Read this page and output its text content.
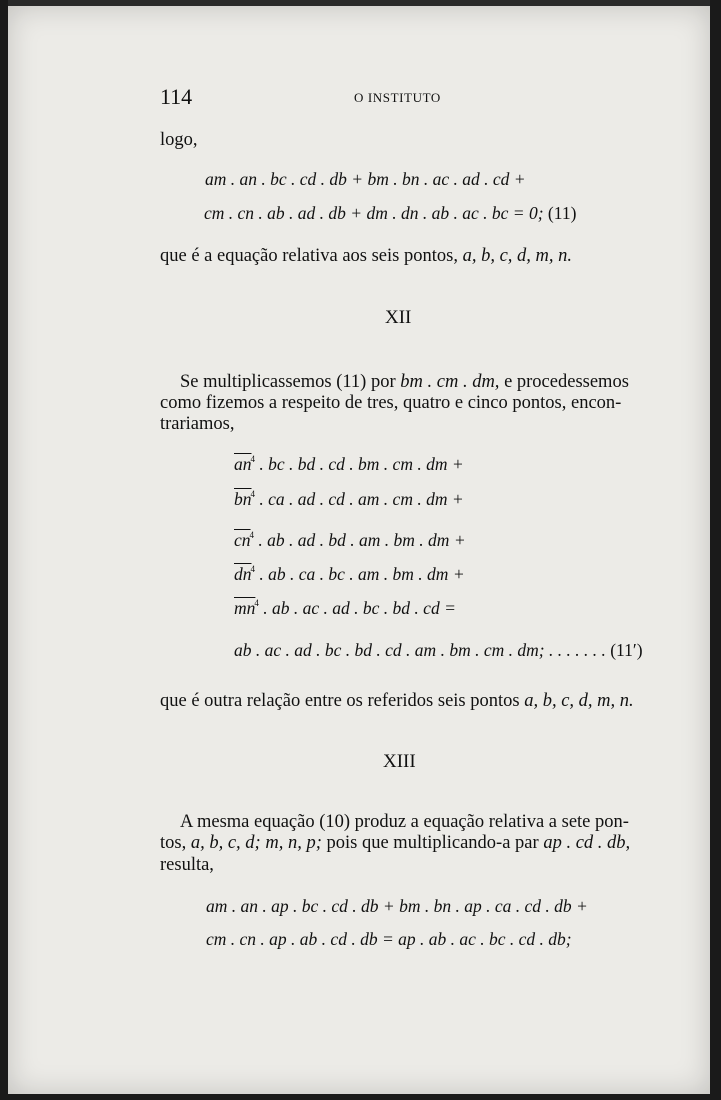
114	O INSTITUTO
logo,
am . an . bc . cd . db + bm . bn . ac . ad . cd +
cm . cn . ab . ad . db + dm . dn . ab . ac . bc = 0; (11)
que é a equação relativa aos seis pontos, a, b, c, d, m, n.
XII
Se multiplicassemos (11) por bm . cm . dm, e procedessemos
como fizemos a respeito de tres, quatro e cinco pontos, encon-
trariamos,
$\overline{an}^4$ . bc . bd . cd . bm . cm . dm +
$\overline{bn}^4$ . ca . ad . cd . am . cm . dm +
$\overline{cn}^4$ . ab . ad . bd . am . bm . dm +
$\overline{dn}^4$ . ab . ca . bc . am . bm . dm +
$\overline{mn}^4$ . ab . ac . ad . bc . bd . cd =
ab . ac . ad . bc . bd . cd . am . bm . cm . dm; . . . . . . . (11′)
que é outra relação entre os referidos seis pontos a, b, c, d, m, n.
XIII
A mesma equação (10) produz a equação relativa a sete pon-
tos, a, b, c, d; m, n, p; pois que multiplicando-a par ap . cd . db,
resulta,
am . an . ap . bc . cd . db + bm . bn . ap . ca . cd . db +
cm . cn . ap . ab . cd . db = ap . ab . ac . bc . cd . db;
